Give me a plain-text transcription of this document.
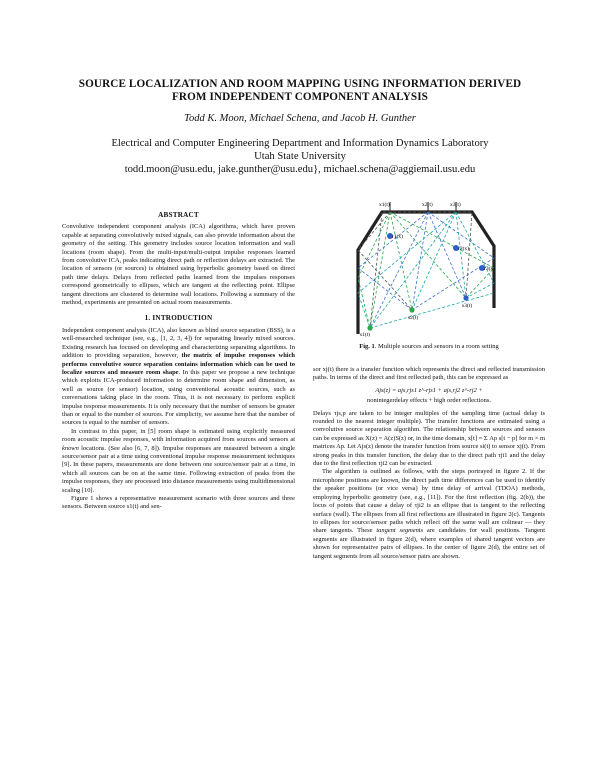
SOURCE LOCALIZATION AND ROOM MAPPING USING INFORMATION DERIVED
FROM INDEPENDENT COMPONENT ANALYSIS
Todd K. Moon, Michael Schena, and Jacob H. Gunther
Electrical and Computer Engineering Department and Information Dynamics Laboratory
Utah State University
todd.moon@usu.edu, jake.gunther@usu.edu}, michael.schena@aggiemail.usu.edu
ABSTRACT

Convolutive independent component analysis (ICA) algorithms, which have proven capable at separating convolutively mixed signals, can also provide information about the geometry of the setting. This geometry includes source location information and wall locations (room shape). From the multi-input/multi-output impulse responses learned from convolutive ICA, peaks indicating direct path or reflection delays are extracted. The location of sensors (or sources) is obtained using hyperbolic geometry based on direct path time delays. Delays from reflected paths learned from the impulses responses correspond geometrically to ellipses, which are tangent at the reflecting point. Ellipse tangent directions are clustered to determine wall locations. Following a summary of the method, experiments are presented on actual room measurements.

1. INTRODUCTION

Independent component analysis (ICA), also known as blind source separation (BSS), is a well-researched technique (see, e.g., [1, 2, 3, 4]) for separating linearly mixed sources. Existing research has focused on developing and characterizing separating algorithms. In addition to providing separation, however, the matrix of impulse responses which performs convolutive source separation contains information which can be used to localize sources and measure room shape. In this paper we propose a new technique which exploits ICA-produced information to determine room shape and dimension, as well as source (or sensor) location, using conventional acoustic sources, such as conversations taking place in the room. Thus, it is not necessary to perform explicit impulse response measurements. It is only necessary that the number of sensors be greater than or equal to the number of sources. For simplicity, we assume here that the number of sources is equal to the number of sensors.

In contrast to this paper, in [5] room shape is estimated using explicitly measured room acoustic impulse responses, with information acquired from sources and sensors at known locations. (See also [6, 7, 8]). Impulse responses are measured between a single source/sensor pair at a time using conventional impulse response measurement techniques [9]. In these papers, measurements are done between one source/sensor pair at a time, in which all sources can be on at the same time. Following extraction of peaks from the impulse responses, they are processed into distance measurements using multidimensional scaling [10].

Figure 1 shows a representative measurement scenario with three sources and three sensors. Between source s1(t) and sen-

x1(t)	x2(t)	x3(t)
r1(x)
r2(x)
r3(x)
s1(t)
s2(t)
s3(t)
Fig. 1. Multiple sources and sensors in a room setting

sor xj(t) there is a transfer function which represents the direct and reflected transmission paths. In terms of the direct and first reflected path, this can be expressed as

Ajs(z) = ajs,rjs1 z^-rjs1 + ajs,rj2 z^-rj2 +
nonintegerdelay effects + high order reflections.

Delays τjs,p are taken to be integer multiples of the sampling time (actual delay is rounded to the nearest integer multiple). The transfer functions are estimated using a convolutive source separation algorithm. The relationship between sources and sensors can be expressed as X(z) = A(z)S(z) or, in the time domain, x[t] = Σ Ap s[t − p] for m × m matrices Ap. Let Ajs(z) denote the transfer function from source si(t) to sensor xj(t). From strong peaks in this transfer function, the delay due to the direct path τji1 and the delay due to the first reflection τji2 can be extracted.

The algorithm is outlined as follows, with the steps portrayed in figure 2. If the microphone positions are known, the direct path time differences can be used to identify the speaker positions (or vice versa) by time delay of arrival (TDOA) methods, employing hyperbolic geometry (see, e.g., [11]). For the first reflection (fig. 2(b)), the locus of points that cause a delay of τji2 is an ellipse that is tangent to the reflecting surface (wall). The ellipses from all first reflections are illustrated in figure 2(c). Tangents to ellipses for source/sensor paths which reflect off the same wall are colinear — they share tangents. These tangent segments are candidates for wall positions. Tangent segments are illustrated in figure 2(d), where examples of shared tangent vectors are shown for representative pairs of ellipses. In the center of figure 2(d), the entire set of tangent segments from all source/sensor pairs are shown.
